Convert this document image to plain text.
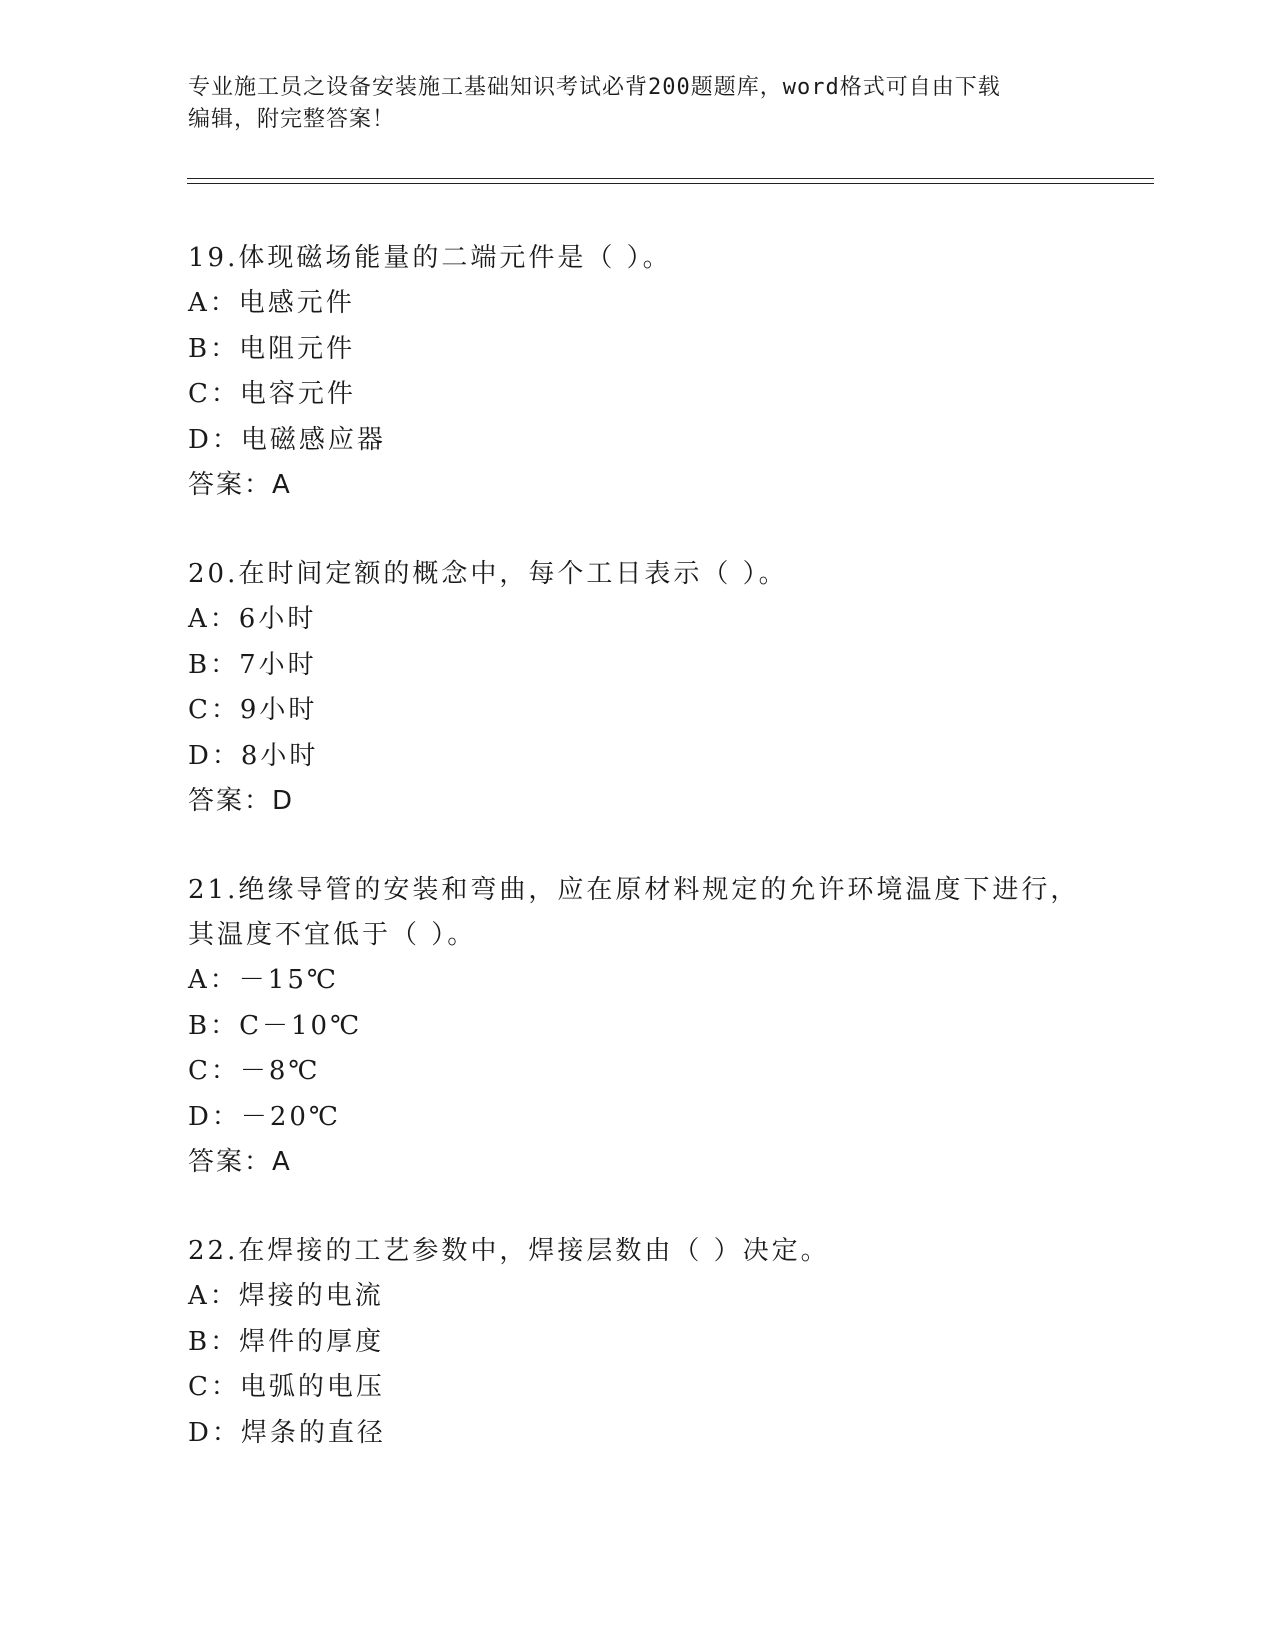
专业施工员之设备安装施工基础知识考试必背200题题库，word格式可自由下载
编辑，附完整答案！
19.体现磁场能量的二端元件是（ ）。
A：电感元件
B：电阻元件
C：电容元件
D：电磁感应器
答案：A
20.在时间定额的概念中，每个工日表示（ ）。
A：6小时
B：7小时
C：9小时
D：8小时
答案：D
21.绝缘导管的安装和弯曲，应在原材料规定的允许环境温度下进行，
其温度不宜低于（ ）。
A：－15℃
B：C－10℃
C：－8℃
D：－20℃
答案：A
22.在焊接的工艺参数中，焊接层数由（ ）决定。
A：焊接的电流
B：焊件的厚度
C：电弧的电压
D：焊条的直径
